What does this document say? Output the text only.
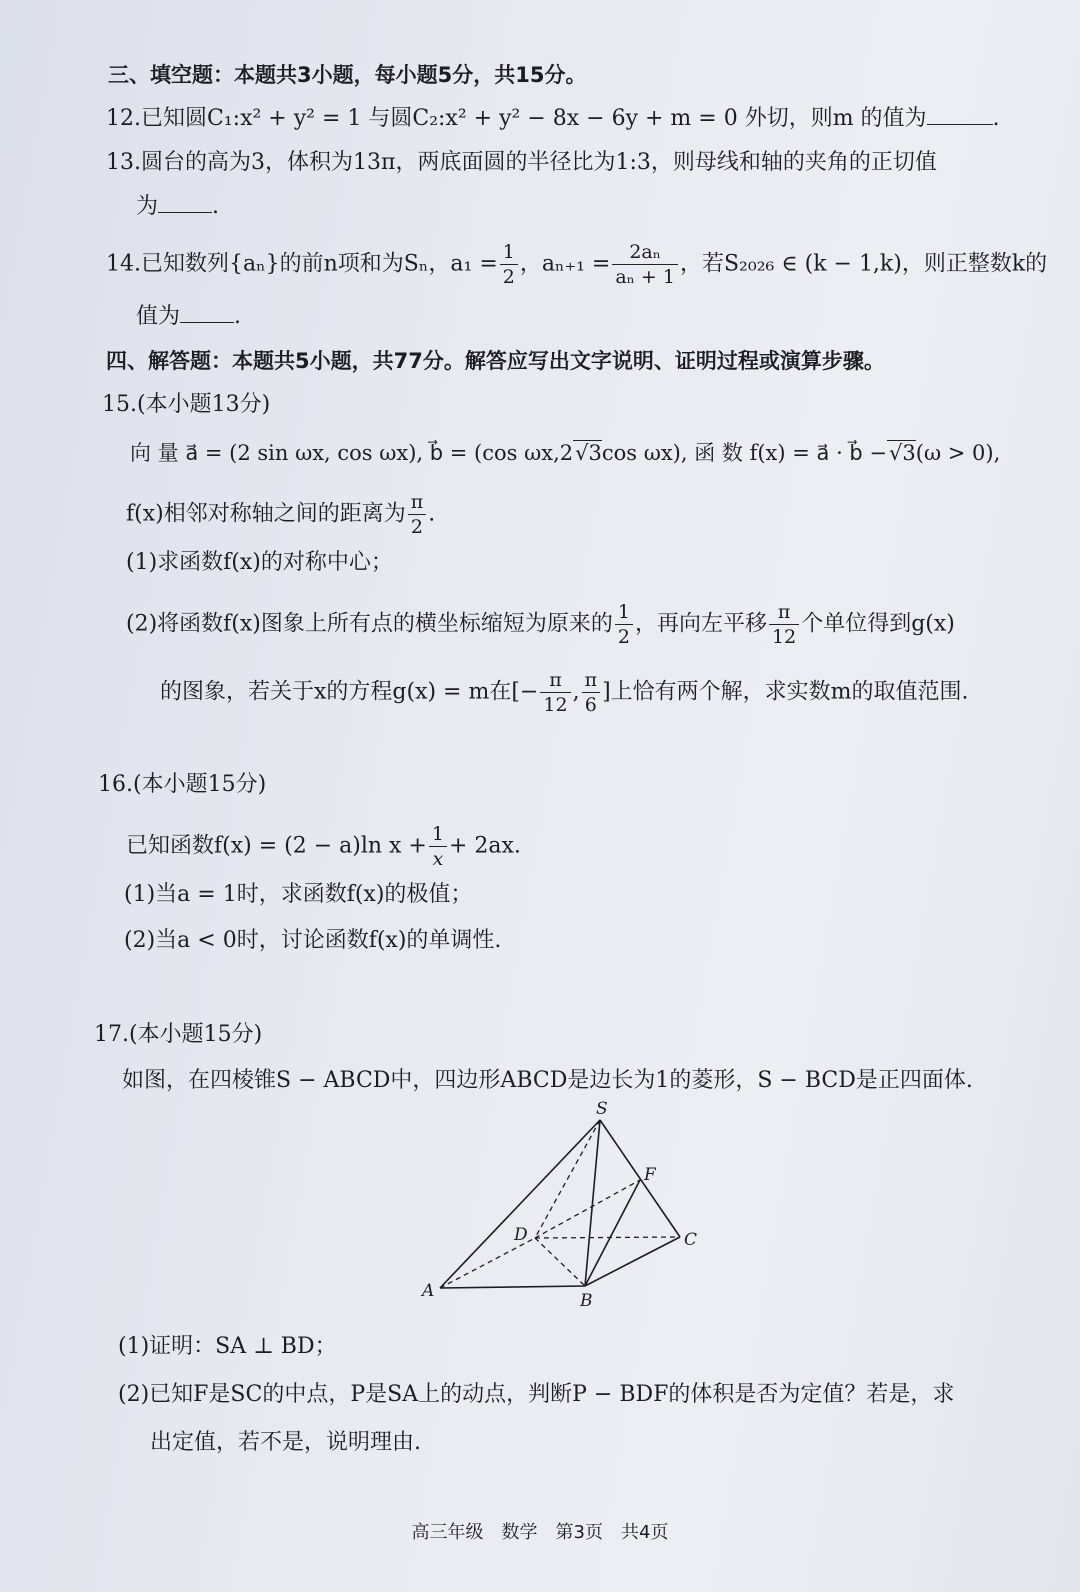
三、填空题：本题共3小题，每小题5分，共15分。
12.已知圆C₁:x² + y² = 1 与圆C₂:x² + y² − 8x − 6y + m = 0 外切，则m 的值为	.
13.圆台的高为3，体积为13π，两底面圆的半径比为1:3，则母线和轴的夹角的正切值
为 .
14.已知数列{aₙ}的前n项和为Sₙ，$a_1 = \frac{1}{2}$ ，$a_{n+1} = \frac{\text{2aₙ}}{\text{aₙ + 1}}$ ，若S₂₀₂₆ ∈ (k − 1,k)，则正整数k的
值为 .
四、解答题：本题共5小题，共77分。解答应写出文字说明、证明过程或演算步骤。
15.(本小题13分)
向 量 a⃗ = (2 sin ωx, cos ωx), b⃗ = (cos ωx,2√3cos ωx), 函 数 f(x) = a⃗ · b⃗ −√3(ω > 0),
f(x)相邻对称轴之间的距离为 $\frac{\pi}{2}$ .
(1)求函数f(x)的对称中心；
(2)将函数f(x)图象上所有点的横坐标缩短为原来的 $\frac{1}{2}$ ，再向左平移 $\frac{\pi}{12}$ 个单位得到g(x)
的图象，若关于x的方程g(x) = m在[− $\frac{\pi}{12}$ , $\frac{\pi}{6}$ ]上恰有两个解，求实数m的取值范围.
16.(本小题15分)
已知函数f(x) = (2 − a)ln $x + \frac{1}{x} + 2ax$.
(1)当a = 1时，求函数f(x)的极值；
(2)当a < 0时，讨论函数f(x)的单调性.
17.(本小题15分)
如图，在四棱锥S − ABCD中，四边形ABCD是边长为1的菱形，S − BCD是正四面体.
S
F
D	C
A	B
(1)证明：SA ⊥ BD；
(2)已知F是SC的中点，P是SA上的动点，判断P − BDF的体积是否为定值？若是，求
出定值，若不是，说明理由.
高三年级　数学　第3页　共4页
